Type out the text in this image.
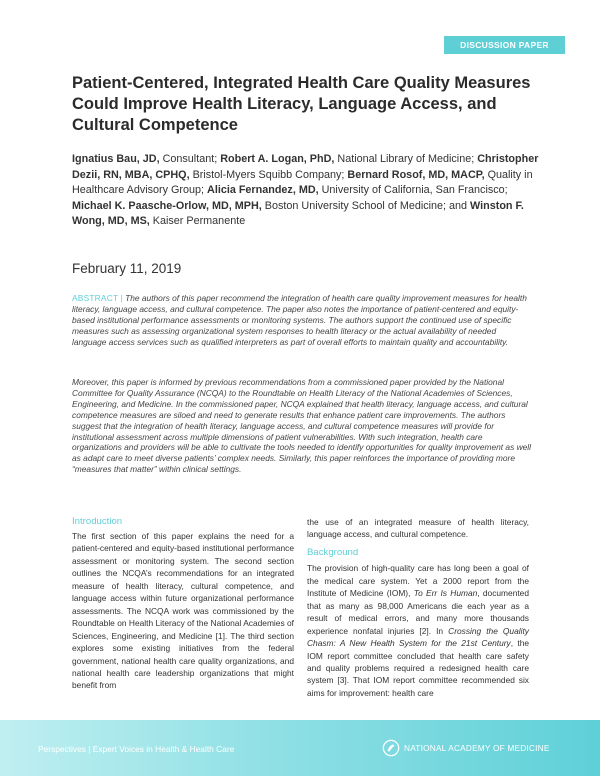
DISCUSSION PAPER
Patient-Centered, Integrated Health Care Quality Measures Could Improve Health Literacy, Language Access, and Cultural Competence
Ignatius Bau, JD, Consultant; Robert A. Logan, PhD, National Library of Medicine; Christopher Dezii, RN, MBA, CPHQ, Bristol-Myers Squibb Company; Bernard Rosof, MD, MACP, Quality in Healthcare Advisory Group; Alicia Fernandez, MD, University of California, San Francisco; Michael K. Paasche-Orlow, MD, MPH, Boston University School of Medicine; and Winston F. Wong, MD, MS, Kaiser Permanente
February 11, 2019

ABSTRACT | The authors of this paper recommend the integration of health care quality improvement measures for health literacy, language access, and cultural competence. The paper also notes the importance of patient-centered and equity-based institutional performance assessments or monitoring systems. The authors support the continued use of specific measures such as assessing organizational system responses to health literacy or the actual availability of needed language access services such as qualified interpreters as part of overall efforts to maintain quality and accountability.

Moreover, this paper is informed by previous recommendations from a commissioned paper provided by the National Committee for Quality Assurance (NCQA) to the Roundtable on Health Literacy of the National Academies of Sciences, Engineering, and Medicine. In the commissioned paper, NCQA explained that health literacy, language access, and cultural competence measures are siloed and need to generate results that enhance patient care improvements. The authors suggest that the integration of health literacy, language access, and cultural competence measures will provide for institutional assessment across multiple dimensions of patient vulnerabilities. With such integration, health care organizations and providers will be able to cultivate the tools needed to identify opportunities for quality improvement as well as adapt care to meet diverse patients’ complex needs. Similarly, this paper reinforces the importance of providing more “measures that matter” within clinical settings.

Introduction

The first section of this paper explains the need for a patient-centered and equity-based institutional performance assessment or monitoring system. The second section outlines the NCQA’s recommendations for an integrated measure of health literacy, cultural competence, and language access within future organizational performance assessments. The NCQA work was commissioned by the Roundtable on Health Literacy of the National Academies of Sciences, Engineering, and Medicine [1]. The third section explores some existing initiatives from the federal government, national health care quality organizations, and national health care leadership organizations that might benefit from

the use of an integrated measure of health literacy, language access, and cultural competence.

Background

The provision of high-quality care has long been a goal of the medical care system. Yet a 2000 report from the Institute of Medicine (IOM), To Err Is Human, documented that as many as 98,000 Americans die each year as a result of medical errors, and many more thousands experience nonfatal injuries [2]. In Crossing the Quality Chasm: A New Health System for the 21st Century, the IOM report committee concluded that health care safety and quality problems required a redesigned health care system [3]. That IOM report committee recommended six aims for improvement: health care

Perspectives | Expert Voices in Health & Health Care	NATIONAL ACADEMY OF MEDICINE
